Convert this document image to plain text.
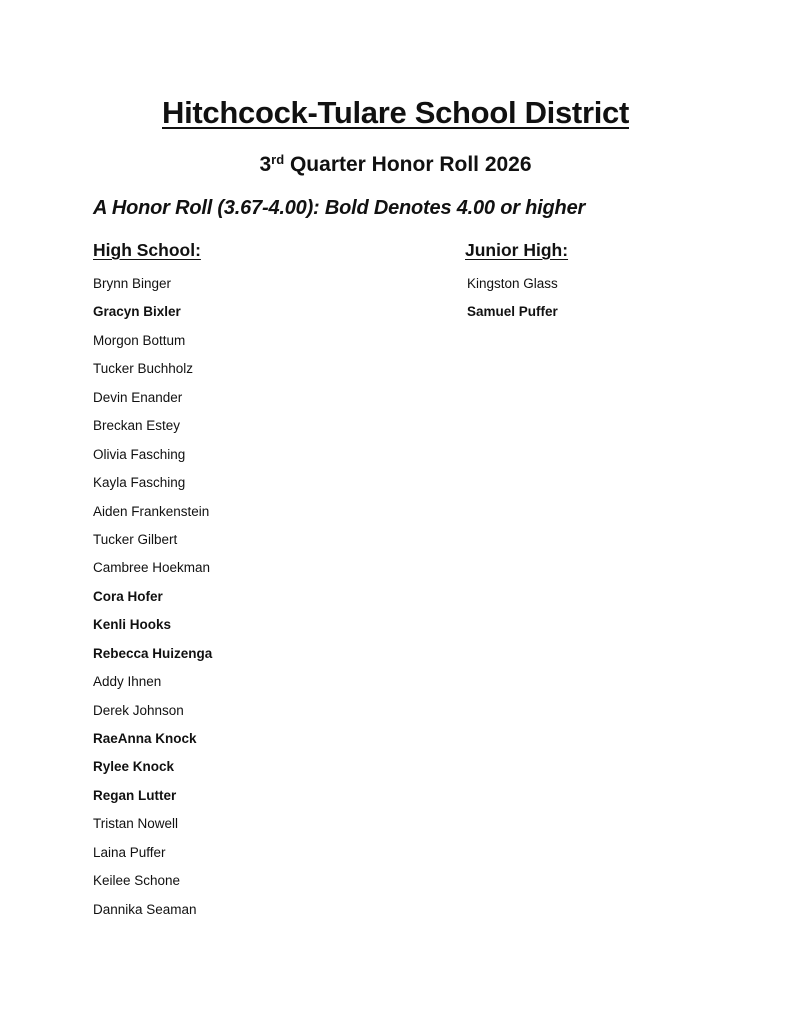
Hitchcock-Tulare School District
3rd Quarter Honor Roll 2026
A Honor Roll (3.67-4.00): Bold Denotes 4.00 or higher
High School:	Junior High:
Brynn Binger
Gracyn Bixler
Morgon Bottum
Tucker Buchholz
Devin Enander
Breckan Estey
Olivia Fasching
Kayla Fasching
Aiden Frankenstein
Tucker Gilbert
Cambree Hoekman
Cora Hofer
Kenli Hooks
Rebecca Huizenga
Addy Ihnen
Derek Johnson
RaeAnna Knock
Rylee Knock
Regan Lutter
Tristan Nowell
Laina Puffer
Keilee Schone
Dannika Seaman
Kingston Glass
Samuel Puffer
